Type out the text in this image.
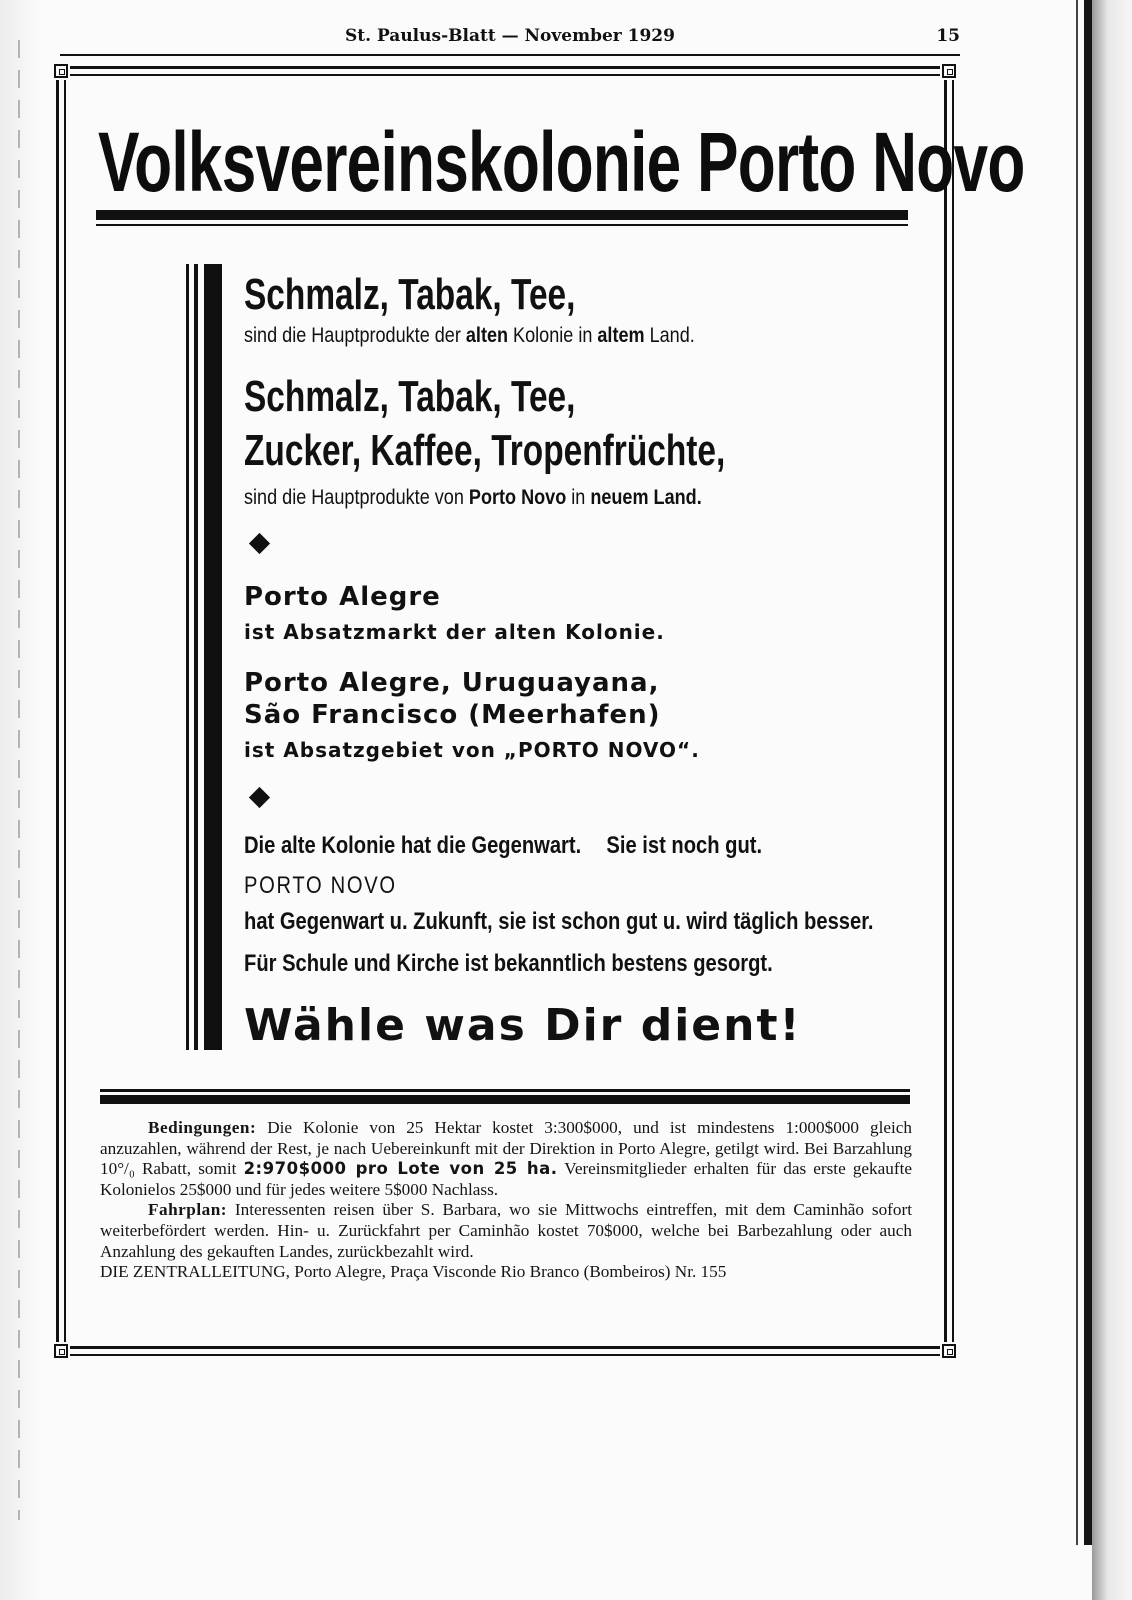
St. Paulus-Blatt — November 1929	15
Volksvereinskolonie Porto Novo
Schmalz, Tabak, Tee,
sind die Hauptprodukte der alten Kolonie in altem Land.
Schmalz, Tabak, Tee,
Zucker, Kaffee, Tropenfrüchte,
sind die Hauptprodukte von Porto Novo in neuem Land.
Porto Alegre
ist Absatzmarkt der alten Kolonie.
Porto Alegre, Uruguayana,
São Francisco (Meerhafen)
ist Absatzgebiet von „PORTO NOVO“.
Die alte Kolonie hat die Gegenwart. Sie ist noch gut.
PORTO NOVO
hat Gegenwart u. Zukunft, sie ist schon gut u. wird täglich besser.
Für Schule und Kirche ist bekanntlich bestens gesorgt.
Wähle was Dir dient!

Bedingungen: Die Kolonie von 25 Hektar kostet 3:300$000, und ist mindestens 1:000$000 gleich anzuzahlen, während der Rest, je nach Uebereinkunft mit der Direktion in Porto Alegre, getilgt wird. Bei Barzahlung 10°/₀ Rabatt, somit 2:970$000 pro Lote von 25 ha. Vereinsmitglieder erhalten für das erste gekaufte Kolonielos 25$000 und für jedes weitere 5$000 Nachlass.

Fahrplan: Interessenten reisen über S. Barbara, wo sie Mittwochs eintreffen, mit dem Caminhão sofort weiterbefördert werden. Hin- u. Zurückfahrt per Caminhão kostet 70$000, welche bei Barbezahlung oder auch Anzahlung des gekauften Landes, zurückbezahlt wird.

DIE ZENTRALLEITUNG, Porto Alegre, Praça Visconde Rio Branco (Bombeiros) Nr. 155
